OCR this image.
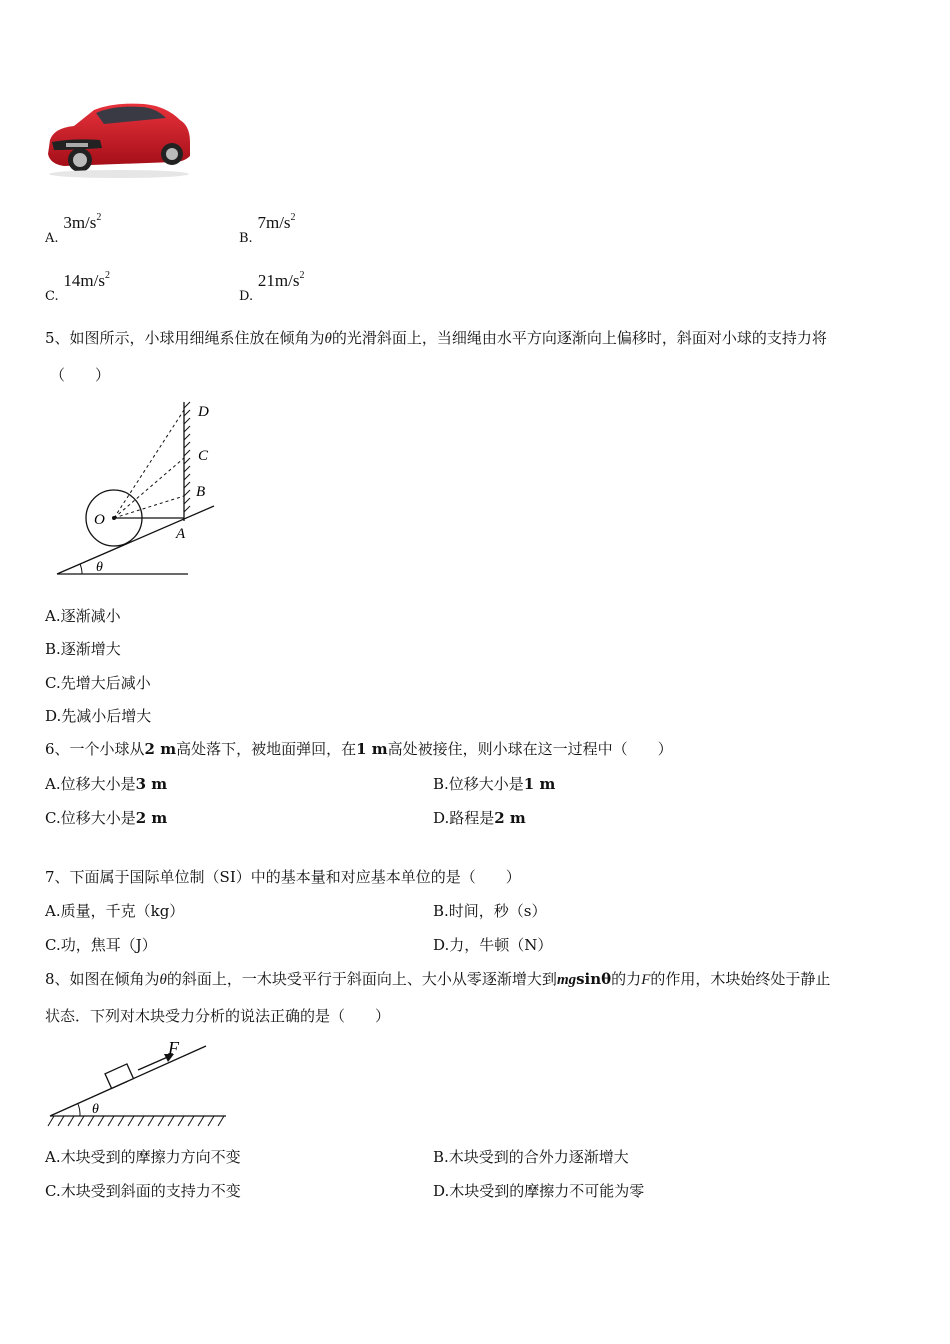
A. $3m/s^2$
B. $7m/s^2$
C. $14m/s^2$
D. $21m/s^2$
5、如图所示，小球用细绳系住放在倾角为θ的光滑斜面上，当细绳由水平方向逐渐向上偏移时，斜面对小球的支持力将
（　　）
D
C
B
A
O
θ
A.逐渐减小
B.逐渐增大
C.先增大后减小
D.先减小后增大
6、一个小球从2 m高处落下，被地面弹回，在1 m高处被接住，则小球在这一过程中（　　）
A.位移大小是3 m	B.位移大小是1 m
C.位移大小是2 m	D.路程是2 m
7、下面属于国际单位制（SI）中的基本量和对应基本单位的是（　　）
A.质量，千克（kg）	B.时间，秒（s）
C.功，焦耳（J）	D.力，牛顿（N）
8、如图在倾角为θ的斜面上，一木块受平行于斜面向上、大小从零逐渐增大到mgsinθ的力F的作用，木块始终处于静止
状态．下列对木块受力分析的说法正确的是（　　）
F
θ
A.木块受到的摩擦力方向不变	B.木块受到的合外力逐渐增大
C.木块受到斜面的支持力不变	D.木块受到的摩擦力不可能为零
